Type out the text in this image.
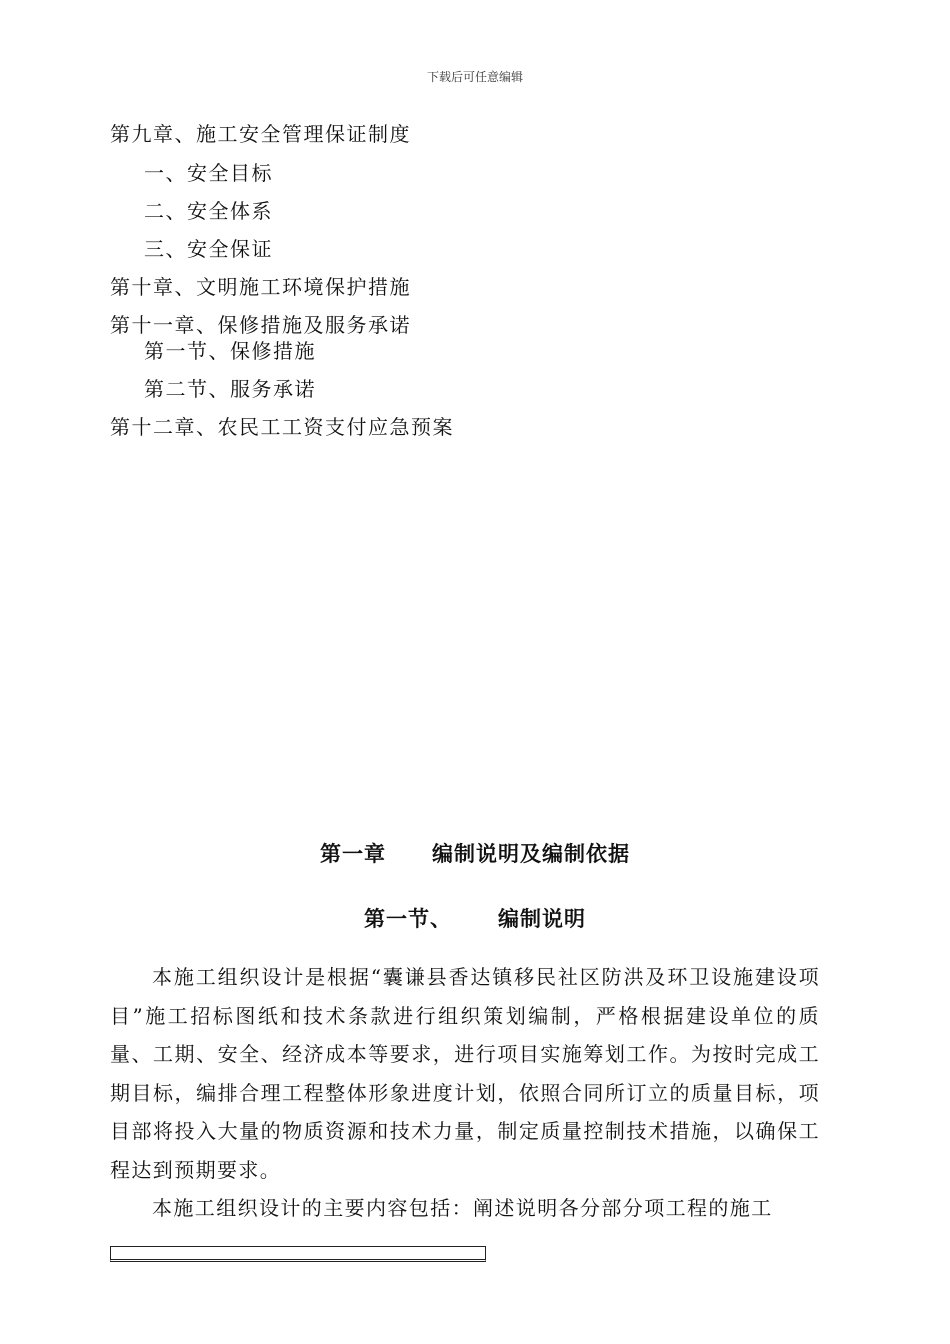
下载后可任意编辑
第九章、施工安全管理保证制度
一、安全目标
二、安全体系
三、安全保证
第十章、文明施工环境保护措施
第十一章、保修措施及服务承诺
第一节、保修措施
第二节、服务承诺
第十二章、农民工工资支付应急预案
第一章 编制说明及编制依据
第一节、 编制说明

本施工组织设计是根据“囊谦县香达镇移民社区防洪及环卫设施建设项目”施工招标图纸和技术条款进行组织策划编制，严格根据建设单位的质量、工期、安全、经济成本等要求，进行项目实施筹划工作。为按时完成工期目标，编排合理工程整体形象进度计划，依照合同所订立的质量目标，项目部将投入大量的物质资源和技术力量，制定质量控制技术措施，以确保工程达到预期要求。

本施工组织设计的主要内容包括：阐述说明各分部分项工程的施工
